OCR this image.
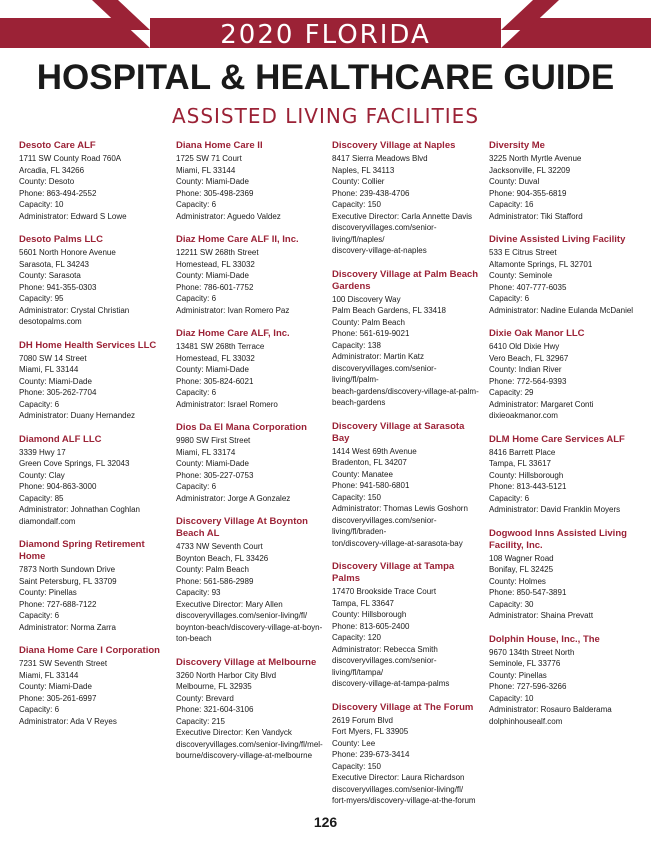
2020 FLORIDA
HOSPITAL & HEALTHCARE GUIDE
ASSISTED LIVING FACILITIES
Desoto Care ALF
1711 SW County Road 760A
Arcadia, FL 34266
County: Desoto
Phone: 863-494-2552
Capacity: 10
Administrator: Edward S Lowe
Desoto Palms LLC
5601 North Honore Avenue
Sarasota, FL 34243
County: Sarasota
Phone: 941-355-0303
Capacity: 95
Administrator: Crystal Christian
desotopalms.com
DH Home Health Services LLC
7080 SW 14 Street
Miami, FL 33144
County: Miami-Dade
Phone: 305-262-7704
Capacity: 6
Administrator: Duany Hernandez
Diamond ALF LLC
3339 Hwy 17
Green Cove Springs, FL 32043
County: Clay
Phone: 904-863-3000
Capacity: 85
Administrator: Johnathan Coghlan
diamondalf.com
Diamond Spring Retirement Home
7873 North Sundown Drive
Saint Petersburg, FL 33709
County: Pinellas
Phone: 727-688-7122
Capacity: 6
Administrator: Norma Zarra
Diana Home Care I Corporation
7231 SW Seventh Street
Miami, FL 33144
County: Miami-Dade
Phone: 305-261-6997
Capacity: 6
Administrator: Ada V Reyes
Diana Home Care II
1725 SW 71 Court
Miami, FL 33144
County: Miami-Dade
Phone: 305-498-2369
Capacity: 6
Administrator: Aguedo Valdez
Diaz Home Care ALF II, Inc.
12211 SW 268th Street
Homestead, FL 33032
County: Miami-Dade
Phone: 786-601-7752
Capacity: 6
Administrator: Ivan Romero Paz
Diaz Home Care ALF, Inc.
13481 SW 268th Terrace
Homestead, FL 33032
County: Miami-Dade
Phone: 305-824-6021
Capacity: 6
Administrator: Israel Romero
Dios Da El Mana Corporation
9980 SW First Street
Miami, FL 33174
County: Miami-Dade
Phone: 305-227-0753
Capacity: 6
Administrator: Jorge A Gonzalez
Discovery Village At Boynton Beach AL
4733 NW Seventh Court
Boynton Beach, FL 33426
County: Palm Beach
Phone: 561-586-2989
Capacity: 93
Executive Director: Mary Allen
discoveryvillages.com/senior-living/fl/
boynton-beach/discovery-village-at-boyn-
ton-beach
Discovery Village at Melbourne
3260 North Harbor City Blvd
Melbourne, FL 32935
County: Brevard
Phone: 321-604-3106
Capacity: 215
Executive Director: Ken Vandyck
discoveryvillages.com/senior-living/fl/mel-
bourne/discovery-village-at-melbourne
Discovery Village at Naples
8417 Sierra Meadows Blvd
Naples, FL 34113
County: Collier
Phone: 239-438-4706
Capacity: 150
Executive Director: Carla Annette Davis
discoveryvillages.com/senior-living/fl/naples/
discovery-village-at-naples
Discovery Village at Palm Beach Gardens
100 Discovery Way
Palm Beach Gardens, FL 33418
County: Palm Beach
Phone: 561-619-9021
Capacity: 138
Administrator: Martin Katz
discoveryvillages.com/senior-living/fl/palm-
beach-gardens/discovery-village-at-palm-
beach-gardens
Discovery Village at Sarasota Bay
1414 West 69th Avenue
Bradenton, FL 34207
County: Manatee
Phone: 941-580-6801
Capacity: 150
Administrator: Thomas Lewis Goshorn
discoveryvillages.com/senior-living/fl/braden-
ton/discovery-village-at-sarasota-bay
Discovery Village at Tampa Palms
17470 Brookside Trace Court
Tampa, FL 33647
County: Hillsborough
Phone: 813-605-2400
Capacity: 120
Administrator: Rebecca Smith
discoveryvillages.com/senior-living/fl/tampa/
discovery-village-at-tampa-palms
Discovery Village at The Forum
2619 Forum Blvd
Fort Myers, FL 33905
County: Lee
Phone: 239-673-3414
Capacity: 150
Executive Director: Laura Richardson
discoveryvillages.com/senior-living/fl/
fort-myers/discovery-village-at-the-forum
Diversity Me
3225 North Myrtle Avenue
Jacksonville, FL 32209
County: Duval
Phone: 904-355-6819
Capacity: 16
Administrator: Tiki Stafford
Divine Assisted Living Facility
533 E Citrus Street
Altamonte Springs, FL 32701
County: Seminole
Phone: 407-777-6035
Capacity: 6
Administrator: Nadine Eulanda McDaniel
Dixie Oak Manor LLC
6410 Old Dixie Hwy
Vero Beach, FL 32967
County: Indian River
Phone: 772-564-9393
Capacity: 29
Administrator: Margaret Conti
dixieoakmanor.com
DLM Home Care Services ALF
8416 Barrett Place
Tampa, FL 33617
County: Hillsborough
Phone: 813-443-5121
Capacity: 6
Administrator: David Franklin Moyers
Dogwood Inns Assisted Living Facility, Inc.
108 Wagner Road
Bonifay, FL 32425
County: Holmes
Phone: 850-547-3891
Capacity: 30
Administrator: Shaina Prevatt
Dolphin House, Inc., The
9670 134th Street North
Seminole, FL 33776
County: Pinellas
Phone: 727-596-3266
Capacity: 10
Administrator: Rosauro Balderama
dolphinhousealf.com

126
